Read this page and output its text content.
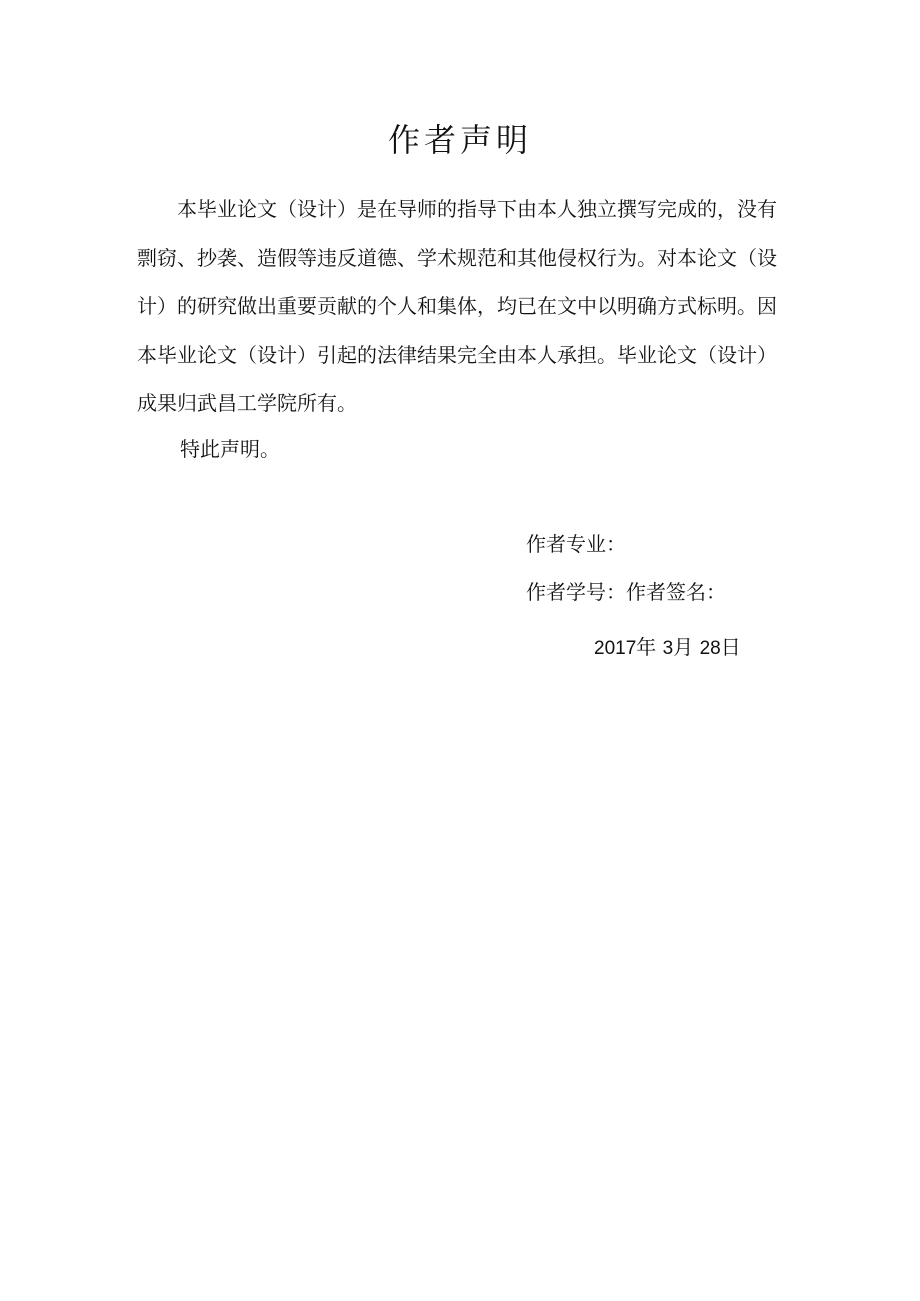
作者声明
本毕业论文（设计）是在导师的指导下由本人独立撰写完成的，没有
剽窃、抄袭、造假等违反道德、学术规范和其他侵权行为。对本论文（设
计）的研究做出重要贡献的个人和集体，均已在文中以明确方式标明。因
本毕业论文（设计）引起的法律结果完全由本人承担。毕业论文（设计）
成果归武昌工学院所有。

特此声明。

作者专业：

作者学号：作者签名：

2017年 3月 28日
